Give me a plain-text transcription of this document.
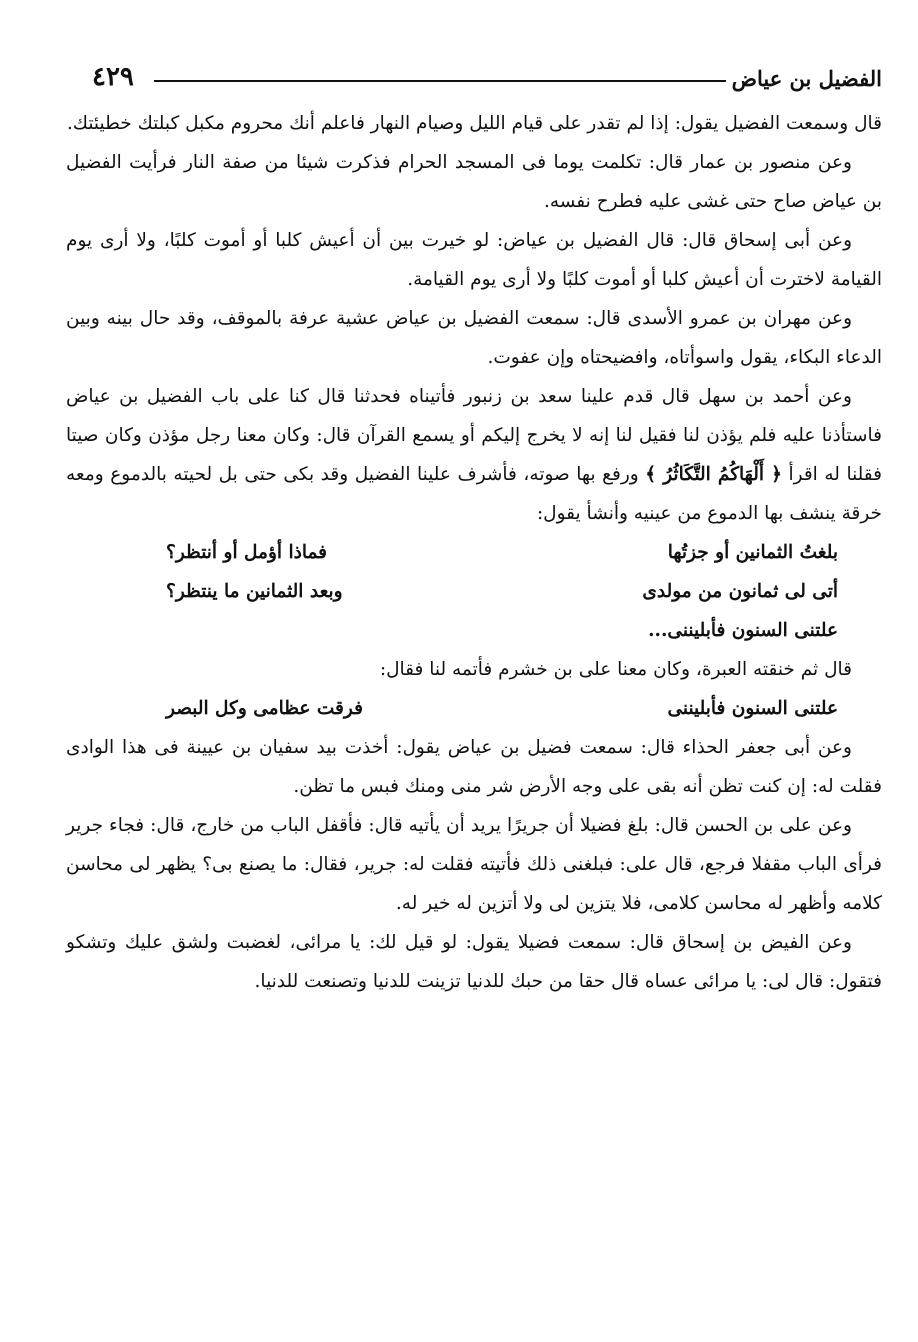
الفضيل بن عياض
٤٢٩

قال وسمعت الفضيل يقول: إذا لم تقدر على قيام الليل وصيام النهار فاعلم أنك محروم مكبل كبلتك خطيئتك.

وعن منصور بن عمار قال: تكلمت يوما فى المسجد الحرام فذكرت شيئا من صفة النار فرأيت الفضيل بن عياض صاح حتى غشى عليه فطرح نفسه.

وعن أبى إسحاق قال: قال الفضيل بن عياض: لو خيرت بين أن أعيش كلبا أو أموت كلبًا، ولا أرى يوم القيامة لاخترت أن أعيش كلبا أو أموت كلبًا ولا أرى يوم القيامة.

وعن مهران بن عمرو الأسدى قال: سمعت الفضيل بن عياض عشية عرفة بالموقف، وقد حال بينه وبين الدعاء البكاء، يقول واسوأتاه، وافضيحتاه وإن عفوت.

وعن أحمد بن سهل قال قدم علينا سعد بن زنبور فأتيناه فحدثنا قال كنا على باب الفضيل بن عياض فاستأذنا عليه فلم يؤذن لنا فقيل لنا إنه لا يخرج إليكم أو يسمع القرآن قال: وكان معنا رجل مؤذن وكان صيتا فقلنا له اقرأ ﴿ أَلْهَاكُمُ التَّكَاثُرُ ﴾ ورفع بها صوته، فأشرف علينا الفضيل وقد بكى حتى بل لحيته بالدموع ومعه خرقة ينشف بها الدموع من عينيه وأنشأ يقول:

بلغتُ الثمانين أو جزتُها
فماذا أؤمل أو أنتظر؟
أتى لى ثمانون من مولدى
وبعد الثمانين ما ينتظر؟
علتنى السنون فأبليننى...

قال ثم خنقته العبرة، وكان معنا على بن خشرم فأتمه لنا فقال:

علتنى السنون فأبليننى
فرقت عظامى وكل البصر

وعن أبى جعفر الحذاء قال: سمعت فضيل بن عياض يقول: أخذت بيد سفيان بن عيينة فى هذا الوادى فقلت له: إن كنت تظن أنه بقى على وجه الأرض شر منى ومنك فبس ما تظن.

وعن على بن الحسن قال: بلغ فضيلا أن جريرًا يريد أن يأتيه قال: فأقفل الباب من خارج، قال: فجاء جرير فرأى الباب مقفلا فرجع، قال على: فبلغنى ذلك فأتيته فقلت له: جرير، فقال: ما يصنع بى؟ يظهر لى محاسن كلامه وأظهر له محاسن كلامى، فلا يتزين لى ولا أتزين له خير له.

وعن الفيض بن إسحاق قال: سمعت فضيلا يقول: لو قيل لك: يا مرائى، لغضبت ولشق عليك وتشكو فتقول: قال لى: يا مرائى عساه قال حقا من حبك للدنيا تزينت للدنيا وتصنعت للدنيا.
